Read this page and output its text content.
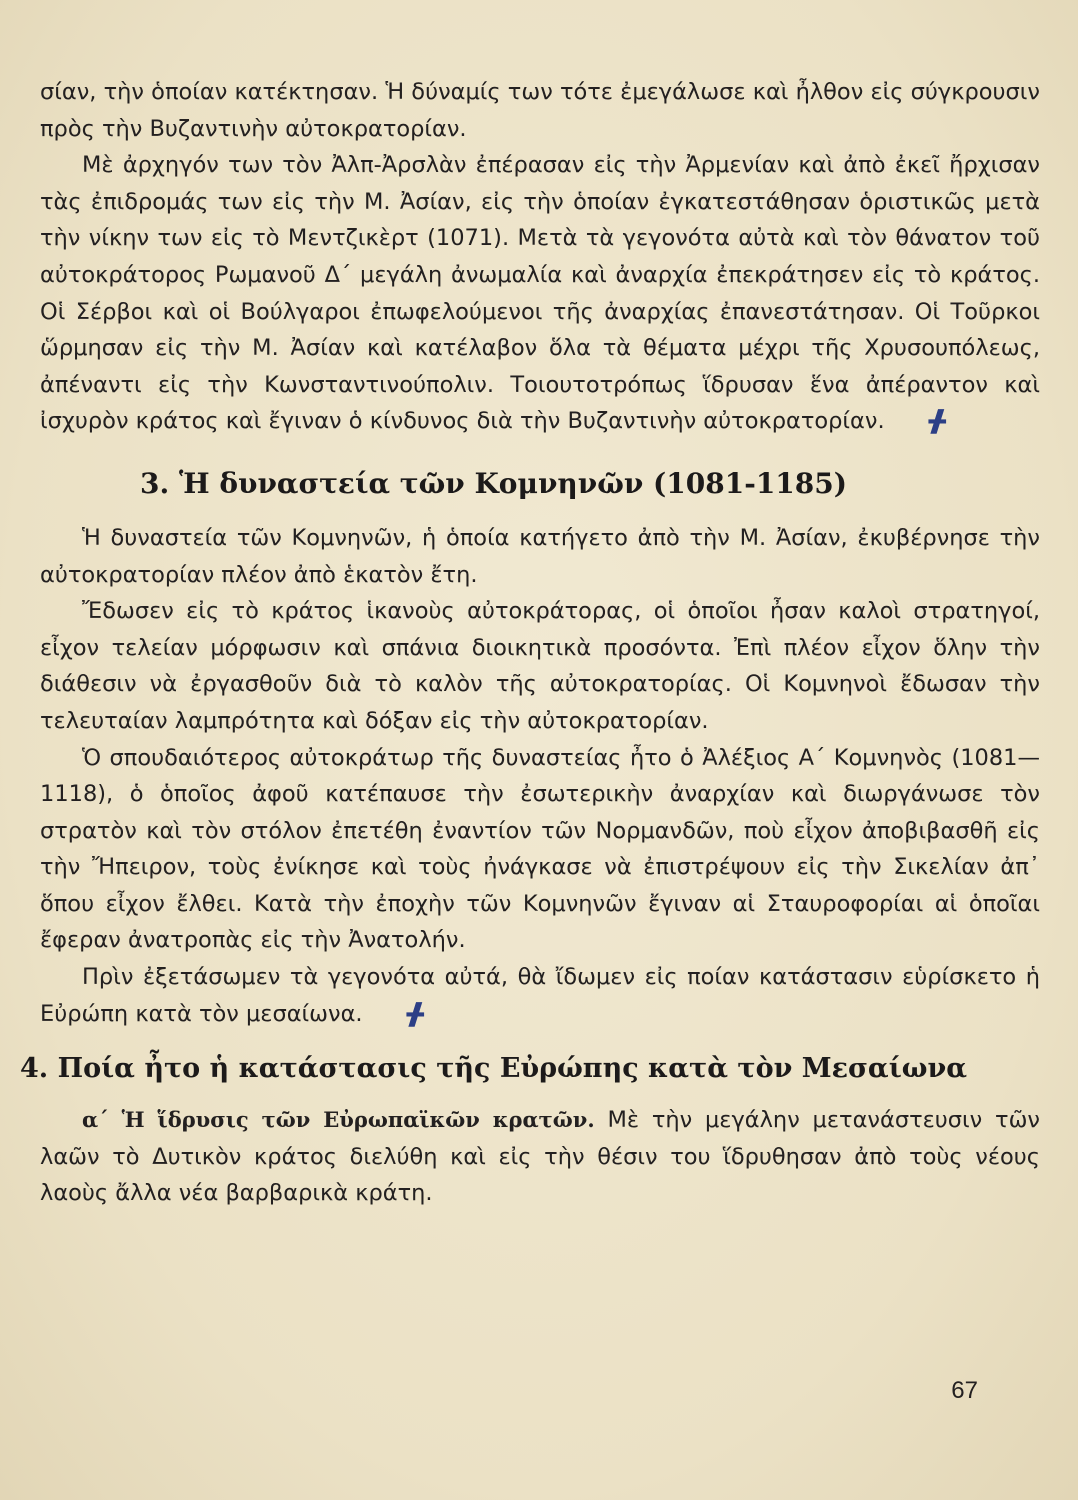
σίαν, τὴν ὁποίαν κατέκτησαν. Ἡ δύναμίς των τότε ἐμεγάλωσε καὶ ἦλθον εἰς σύγκρουσιν πρὸς τὴν Βυζαντινὴν αὐτοκρατορίαν.

Μὲ ἀρχηγόν των τὸν Ἀλπ-Ἀρσλὰν ἐπέρασαν εἰς τὴν Ἀρμενίαν καὶ ἀπὸ ἐκεῖ ἤρχισαν τὰς ἐπιδρομάς των εἰς τὴν Μ. Ἀσίαν, εἰς τὴν ὁποίαν ἐγκατεστάθησαν ὁριστικῶς μετὰ τὴν νίκην των εἰς τὸ Μεντζικὲρτ (1071). Μετὰ τὰ γεγονότα αὐτὰ καὶ τὸν θάνατον τοῦ αὐτοκράτορος Ρωμανοῦ Δ΄ μεγάλη ἀνωμαλία καὶ ἀναρχία ἐπεκράτησεν εἰς τὸ κράτος. Οἱ Σέρβοι καὶ οἱ Βούλγαροι ἐπωφελούμενοι τῆς ἀναρχίας ἐπανεστάτησαν. Οἱ Τοῦρκοι ὥρμησαν εἰς τὴν Μ. Ἀσίαν καὶ κατέλαβον ὅλα τὰ θέματα μέχρι τῆς Χρυσουπόλεως, ἀπέναντι εἰς τὴν Κωνσταντινούπολιν. Τοιουτοτρόπως ἵδρυσαν ἕνα ἀπέραντον καὶ ἰσχυρὸν κράτος καὶ ἔγιναν ὁ κίνδυνος διὰ τὴν Βυζαντινὴν αὐτοκρατορίαν. ᚋ

3. Ἡ δυναστεία τῶν Κομνηνῶν (1081-1185)

Ἡ δυναστεία τῶν Κομνηνῶν, ἡ ὁποία κατήγετο ἀπὸ τὴν Μ. Ἀσίαν, ἐκυβέρνησε τὴν αὐτοκρατορίαν πλέον ἀπὸ ἑκατὸν ἔτη.

Ἔδωσεν εἰς τὸ κράτος ἱκανοὺς αὐτοκράτορας, οἱ ὁποῖοι ἦσαν καλοὶ στρατηγοί, εἶχον τελείαν μόρφωσιν καὶ σπάνια διοικητικὰ προσόντα. Ἐπὶ πλέον εἶχον ὅλην τὴν διάθεσιν νὰ ἐργασθοῦν διὰ τὸ καλὸν τῆς αὐτοκρατορίας. Οἱ Κομνηνοὶ ἔδωσαν τὴν τελευταίαν λαμπρότητα καὶ δόξαν εἰς τὴν αὐτοκρατορίαν.

Ὁ σπουδαιότερος αὐτοκράτωρ τῆς δυναστείας ἦτο ὁ Ἀλέξιος Α΄ Κομνηνὸς (1081—1118), ὁ ὁποῖος ἀφοῦ κατέπαυσε τὴν ἐσωτερικὴν ἀναρχίαν καὶ διωργάνωσε τὸν στρατὸν καὶ τὸν στόλον ἐπετέθη ἐναντίον τῶν Νορμανδῶν, ποὺ εἶχον ἀποβιβασθῆ εἰς τὴν Ἤπειρον, τοὺς ἐνίκησε καὶ τοὺς ἠνάγκασε νὰ ἐπιστρέψουν εἰς τὴν Σικελίαν ἀπ᾽ ὅπου εἶχον ἔλθει. Κατὰ τὴν ἐποχὴν τῶν Κομνηνῶν ἔγιναν αἱ Σταυροφορίαι αἱ ὁποῖαι ἔφεραν ἀνατροπὰς εἰς τὴν Ἀνατολήν.

Πρὶν ἐξετάσωμεν τὰ γεγονότα αὐτά, θὰ ἴδωμεν εἰς ποίαν κατάστασιν εὑρίσκετο ἡ Εὐρώπη κατὰ τὸν μεσαίωνα. ᚋ

4. Ποία ἦτο ἡ κατάστασις τῆς Εὐρώπης κατὰ τὸν Μεσαίωνα

α΄ Ἡ ἵδρυσις τῶν Εὐρωπαϊκῶν κρατῶν. Μὲ τὴν μεγάλην μετανάστευσιν τῶν λαῶν τὸ Δυτικὸν κράτος διελύθη καὶ εἰς τὴν θέσιν του ἵδρυθησαν ἀπὸ τοὺς νέους λαοὺς ἄλλα νέα βαρβαρικὰ κράτη.

67
